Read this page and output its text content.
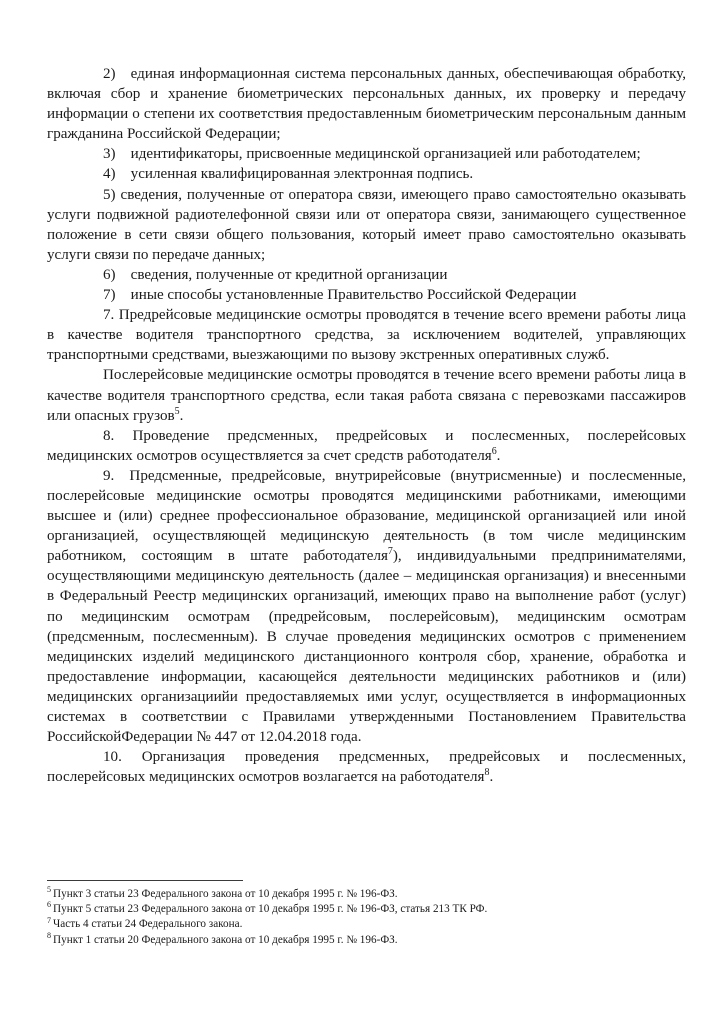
2) единая информационная система персональных данных, обеспечивающая обработку, включая сбор и хранение биометрических персональных данных, их проверку и передачу информации о степени их соответствия предоставленным биометрическим персональным данным гражданина Российской Федерации;

3) идентификаторы, присвоенные медицинской организацией или работодателем;

4) усиленная квалифицированная электронная подпись.

5) сведения, полученные от оператора связи, имеющего право самостоятельно оказывать услуги подвижной радиотелефонной связи или от оператора связи, занимающего существенное положение в сети связи общего пользования, который имеет право самостоятельно оказывать услуги связи по передаче данных;

6) сведения, полученные от кредитной организации

7) иные способы установленные Правительство Российской Федерации

7. Предрейсовые медицинские осмотры проводятся в течение всего времени работы лица в качестве водителя транспортного средства, за исключением водителей, управляющих транспортными средствами, выезжающими по вызову экстренных оперативных служб.

Послерейсовые медицинские осмотры проводятся в течение всего времени работы лица в качестве водителя транспортного средства, если такая работа связана с перевозками пассажиров или опасных грузов$^5$.

8. Проведение предсменных, предрейсовых и послесменных, послерейсовых медицинских осмотров осуществляется за счет средств работодателя$^6$.

9. Предсменные, предрейсовые, внутрирейсовые (внутрисменные) и послесменные, послерейсовые медицинские осмотры проводятся медицинскими работниками, имеющими высшее и (или) среднее профессиональное образование, медицинской организацией или иной организацией, осуществляющей медицинскую деятельность (в том числе медицинским работником, состоящим в штате работодателя$^7$), индивидуальными предпринимателями, осуществляющими медицинскую деятельность (далее – медицинская организация) и внесенными в Федеральный Реестр медицинских организаций, имеющих право на выполнение работ (услуг) по медицинским осмотрам (предрейсовым, послерейсовым), медицинским осмотрам (предсменным, послесменным). В случае проведения медицинских осмотров с применением медицинских изделий медицинского дистанционного контроля сбор, хранение, обработка и предоставление информации, касающейся деятельности медицинских работников и (или) медицинских организациийи предоставляемых ими услуг, осуществляется в информационных системах в соответствии с Правилами утвержденными Постановлением Правительства РоссийскойФедерации № 447 от 12.04.2018 года.

10. Организация проведения предсменных, предрейсовых и послесменных, послерейсовых медицинских осмотров возлагается на работодателя$^8$.

$^5$ Пункт 3 статьи 23 Федерального закона от 10 декабря 1995 г. № 196-ФЗ.

$^6$ Пункт 5 статьи 23 Федерального закона от 10 декабря 1995 г. № 196-ФЗ, статья 213 ТК РФ.

$^7$ Часть 4 статьи 24 Федерального закона.

$^8$ Пункт 1 статьи 20 Федерального закона от 10 декабря 1995 г. № 196-ФЗ.
